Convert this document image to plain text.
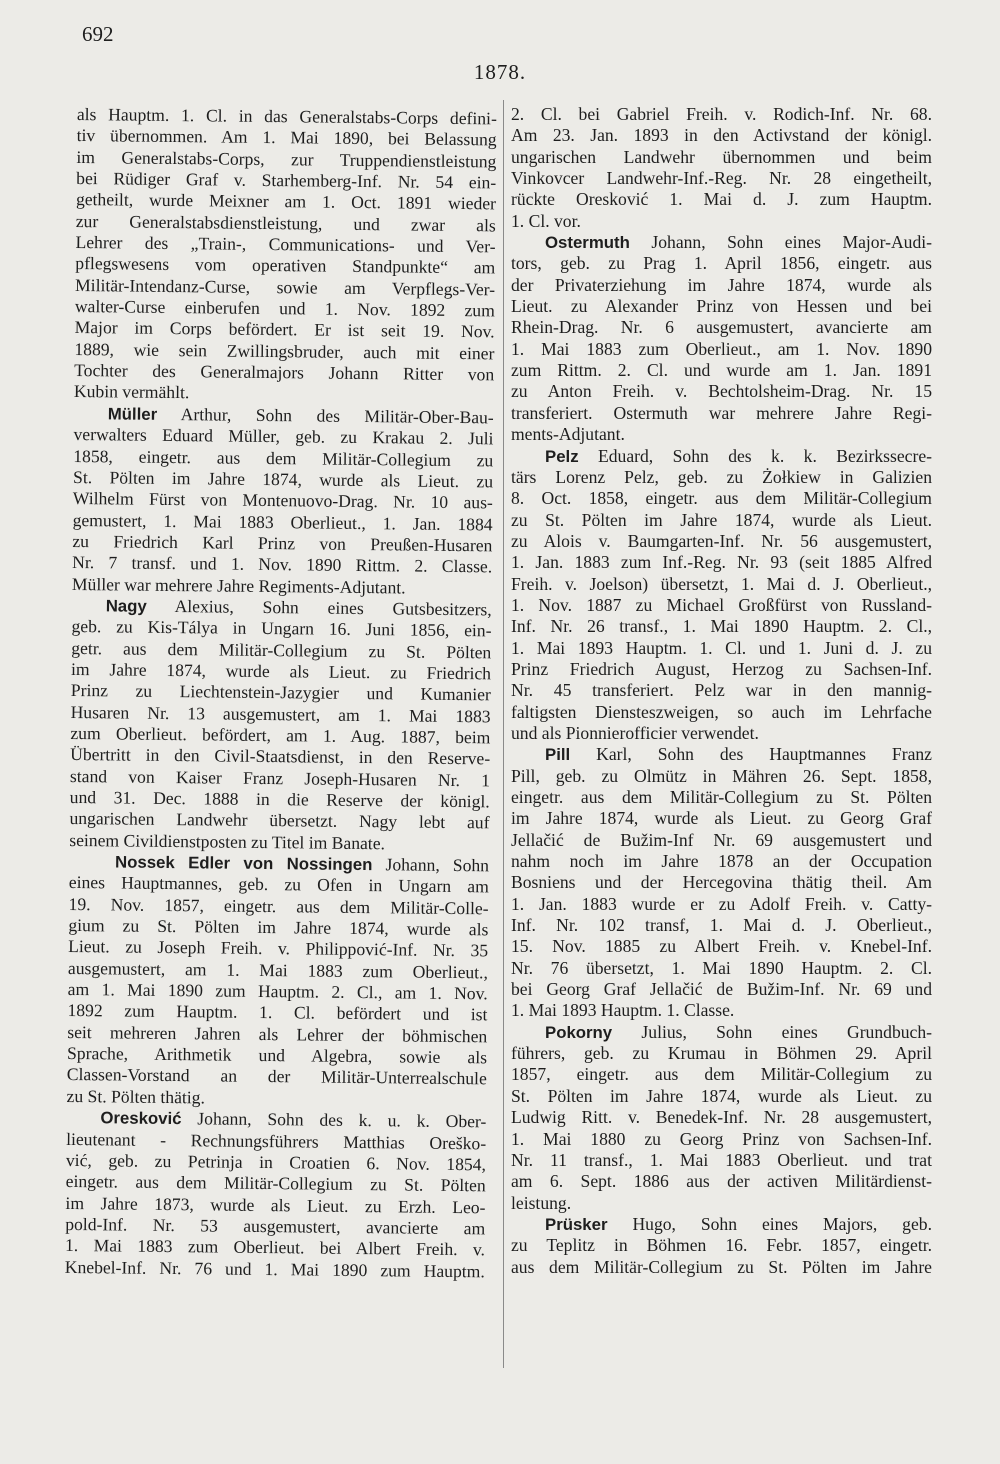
692
1878.
als Hauptm. 1. Cl. in das Generalstabs-Corps defini-
tiv übernommen. Am 1. Mai 1890, bei Belassung
im Generalstabs-Corps, zur Truppendienstleistung
bei Rüdiger Graf v. Starhemberg-Inf. Nr. 54 ein-
getheilt, wurde Meixner am 1. Oct. 1891 wieder
zur Generalstabsdienstleistung, und zwar als
Lehrer des „Train-, Communications- und Ver-
pflegswesens vom operativen Standpunkte“ am
Militär-Intendanz-Curse, sowie am Verpflegs-Ver-
walter-Curse einberufen und 1. Nov. 1892 zum
Major im Corps befördert. Er ist seit 19. Nov.
1889, wie sein Zwillingsbruder, auch mit einer
Tochter des Generalmajors Johann Ritter von
Kubin vermählt.
Müller Arthur, Sohn des Militär-Ober-Bau-
verwalters Eduard Müller, geb. zu Krakau 2. Juli
1858, eingetr. aus dem Militär-Collegium zu
St. Pölten im Jahre 1874, wurde als Lieut. zu
Wilhelm Fürst von Montenuovo-Drag. Nr. 10 aus-
gemustert, 1. Mai 1883 Oberlieut., 1. Jan. 1884
zu Friedrich Karl Prinz von Preußen-Husaren
Nr. 7 transf. und 1. Nov. 1890 Rittm. 2. Classe.
Müller war mehrere Jahre Regiments-Adjutant.
Nagy Alexius, Sohn eines Gutsbesitzers,
geb. zu Kis-Tálya in Ungarn 16. Juni 1856, ein-
getr. aus dem Militär-Collegium zu St. Pölten
im Jahre 1874, wurde als Lieut. zu Friedrich
Prinz zu Liechtenstein-Jazygier und Kumanier
Husaren Nr. 13 ausgemustert, am 1. Mai 1883
zum Oberlieut. befördert, am 1. Aug. 1887, beim
Übertritt in den Civil-Staatsdienst, in den Reserve-
stand von Kaiser Franz Joseph-Husaren Nr. 1
und 31. Dec. 1888 in die Reserve der königl.
ungarischen Landwehr übersetzt. Nagy lebt auf
seinem Civildienstposten zu Titel im Banate.
Nossek Edler von Nossingen Johann, Sohn
eines Hauptmannes, geb. zu Ofen in Ungarn am
19. Nov. 1857, eingetr. aus dem Militär-Colle-
gium zu St. Pölten im Jahre 1874, wurde als
Lieut. zu Joseph Freih. v. Philippović-Inf. Nr. 35
ausgemustert, am 1. Mai 1883 zum Oberlieut.,
am 1. Mai 1890 zum Hauptm. 2. Cl., am 1. Nov.
1892 zum Hauptm. 1. Cl. befördert und ist
seit mehreren Jahren als Lehrer der böhmischen
Sprache, Arithmetik und Algebra, sowie als
Classen-Vorstand an der Militär-Unterrealschule
zu St. Pölten thätig.
Oresković Johann, Sohn des k. u. k. Ober-
lieutenant - Rechnungsführers Matthias Oreško-
vić, geb. zu Petrinja in Croatien 6. Nov. 1854,
eingetr. aus dem Militär-Collegium zu St. Pölten
im Jahre 1873, wurde als Lieut. zu Erzh. Leo-
pold-Inf. Nr. 53 ausgemustert, avancierte am
1. Mai 1883 zum Oberlieut. bei Albert Freih. v.
Knebel-Inf. Nr. 76 und 1. Mai 1890 zum Hauptm.
2. Cl. bei Gabriel Freih. v. Rodich-Inf. Nr. 68.
Am 23. Jan. 1893 in den Activstand der königl.
ungarischen Landwehr übernommen und beim
Vinkovcer Landwehr-Inf.-Reg. Nr. 28 eingetheilt,
rückte Oresković 1. Mai d. J. zum Hauptm.
1. Cl. vor.
Ostermuth Johann, Sohn eines Major-Audi-
tors, geb. zu Prag 1. April 1856, eingetr. aus
der Privaterziehung im Jahre 1874, wurde als
Lieut. zu Alexander Prinz von Hessen und bei
Rhein-Drag. Nr. 6 ausgemustert, avancierte am
1. Mai 1883 zum Oberlieut., am 1. Nov. 1890
zum Rittm. 2. Cl. und wurde am 1. Jan. 1891
zu Anton Freih. v. Bechtolsheim-Drag. Nr. 15
transferiert. Ostermuth war mehrere Jahre Regi-
ments-Adjutant.
Pelz Eduard, Sohn des k. k. Bezirkssecre-
tärs Lorenz Pelz, geb. zu Żołkiew in Galizien
8. Oct. 1858, eingetr. aus dem Militär-Collegium
zu St. Pölten im Jahre 1874, wurde als Lieut.
zu Alois v. Baumgarten-Inf. Nr. 56 ausgemustert,
1. Jan. 1883 zum Inf.-Reg. Nr. 93 (seit 1885 Alfred
Freih. v. Joelson) übersetzt, 1. Mai d. J. Oberlieut.,
1. Nov. 1887 zu Michael Großfürst von Russland-
Inf. Nr. 26 transf., 1. Mai 1890 Hauptm. 2. Cl.,
1. Mai 1893 Hauptm. 1. Cl. und 1. Juni d. J. zu
Prinz Friedrich August, Herzog zu Sachsen-Inf.
Nr. 45 transferiert. Pelz war in den mannig-
faltigsten Diensteszweigen, so auch im Lehrfache
und als Pionnierofficier verwendet.
Pill Karl, Sohn des Hauptmannes Franz
Pill, geb. zu Olmütz in Mähren 26. Sept. 1858,
eingetr. aus dem Militär-Collegium zu St. Pölten
im Jahre 1874, wurde als Lieut. zu Georg Graf
Jellačić de Bužim-Inf Nr. 69 ausgemustert und
nahm noch im Jahre 1878 an der Occupation
Bosniens und der Hercegovina thätig theil. Am
1. Jan. 1883 wurde er zu Adolf Freih. v. Catty-
Inf. Nr. 102 transf, 1. Mai d. J. Oberlieut.,
15. Nov. 1885 zu Albert Freih. v. Knebel-Inf.
Nr. 76 übersetzt, 1. Mai 1890 Hauptm. 2. Cl.
bei Georg Graf Jellačić de Bužim-Inf. Nr. 69 und
1. Mai 1893 Hauptm. 1. Classe.
Pokorny Julius, Sohn eines Grundbuch-
führers, geb. zu Krumau in Böhmen 29. April
1857, eingetr. aus dem Militär-Collegium zu
St. Pölten im Jahre 1874, wurde als Lieut. zu
Ludwig Ritt. v. Benedek-Inf. Nr. 28 ausgemustert,
1. Mai 1880 zu Georg Prinz von Sachsen-Inf.
Nr. 11 transf., 1. Mai 1883 Oberlieut. und trat
am 6. Sept. 1886 aus der activen Militärdienst-
leistung.
Prüsker Hugo, Sohn eines Majors, geb.
zu Teplitz in Böhmen 16. Febr. 1857, eingetr.
aus dem Militär-Collegium zu St. Pölten im Jahre
